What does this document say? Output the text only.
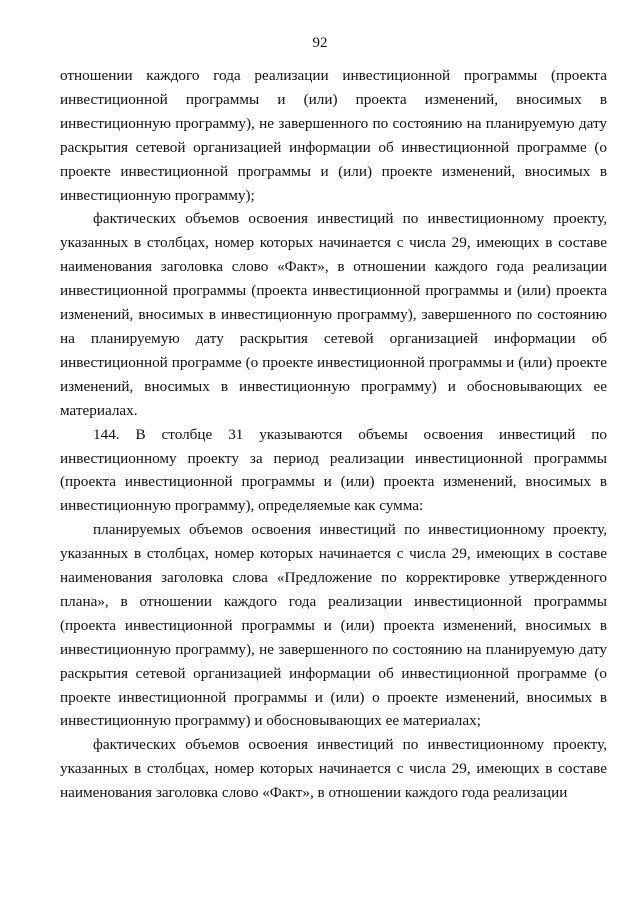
92

отношении каждого года реализации инвестиционной программы (проекта инвестиционной программы и (или) проекта изменений, вносимых в инвестиционную программу), не завершенного по состоянию на планируемую дату раскрытия сетевой организацией информации об инвестиционной программе (о проекте инвестиционной программы и (или) проекте изменений, вносимых в инвестиционную программу);

фактических объемов освоения инвестиций по инвестиционному проекту, указанных в столбцах, номер которых начинается с числа 29, имеющих в составе наименования заголовка слово «Факт», в отношении каждого года реализации инвестиционной программы (проекта инвестиционной программы и (или) проекта изменений, вносимых в инвестиционную программу), завершенного по состоянию на планируемую дату раскрытия сетевой организацией информации об инвестиционной программе (о проекте инвестиционной программы и (или) проекте изменений, вносимых в инвестиционную программу) и обосновывающих ее материалах.

144. В столбце 31 указываются объемы освоения инвестиций по инвестиционному проекту за период реализации инвестиционной программы (проекта инвестиционной программы и (или) проекта изменений, вносимых в инвестиционную программу), определяемые как сумма:

планируемых объемов освоения инвестиций по инвестиционному проекту, указанных в столбцах, номер которых начинается с числа 29, имеющих в составе наименования заголовка слова «Предложение по корректировке утвержденного плана», в отношении каждого года реализации инвестиционной программы (проекта инвестиционной программы и (или) проекта изменений, вносимых в инвестиционную программу), не завершенного по состоянию на планируемую дату раскрытия сетевой организацией информации об инвестиционной программе (о проекте инвестиционной программы и (или) о проекте изменений, вносимых в инвестиционную программу) и обосновывающих ее материалах;

фактических объемов освоения инвестиций по инвестиционному проекту, указанных в столбцах, номер которых начинается с числа 29, имеющих в составе наименования заголовка слово «Факт», в отношении каждого года реализации
